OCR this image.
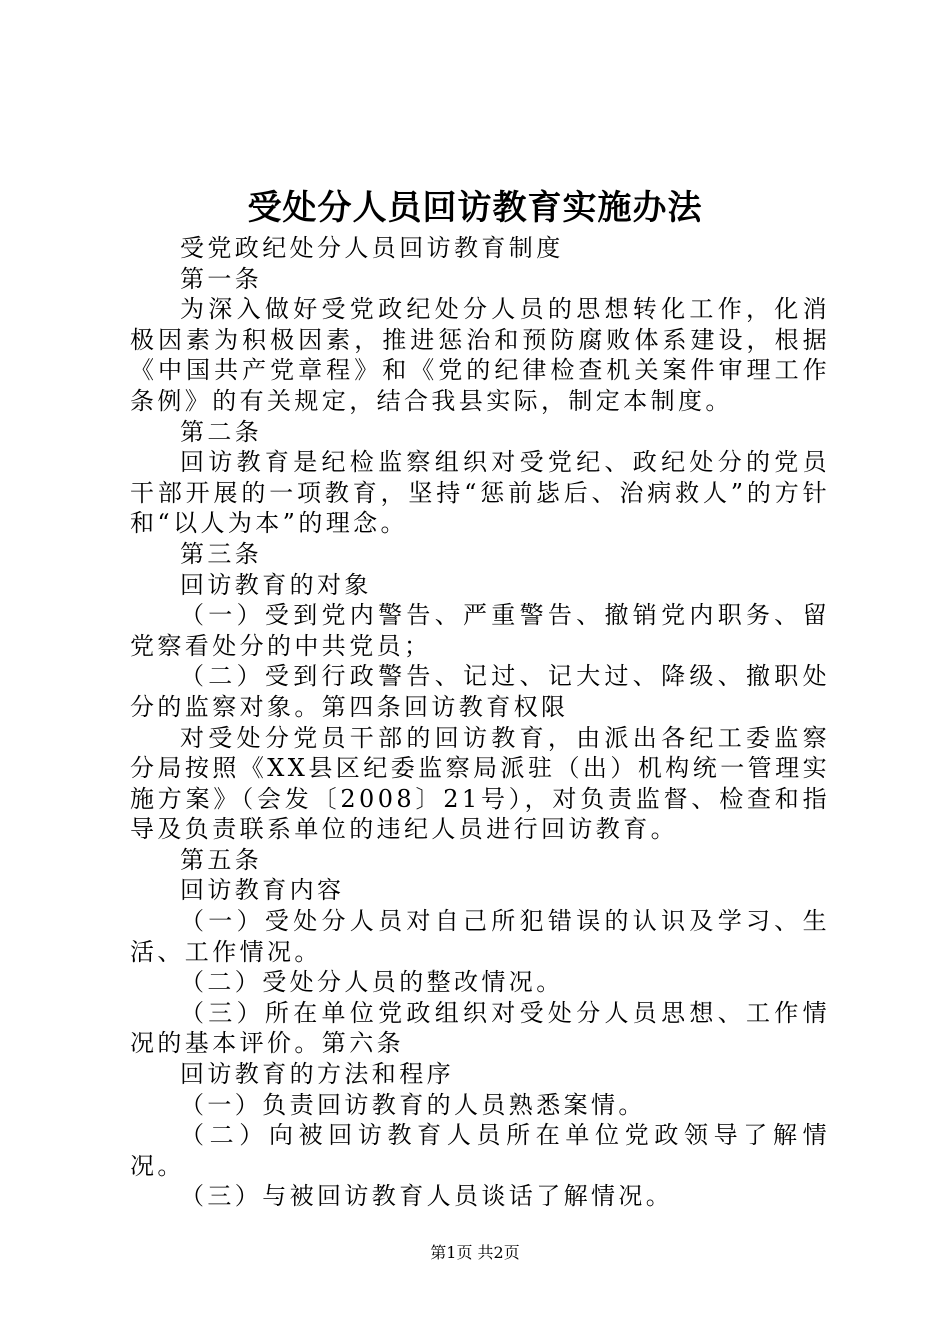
受处分人员回访教育实施办法

受党政纪处分人员回访教育制度

第一条

为深入做好受党政纪处分人员的思想转化工作，化消极因素为积极因素，推进惩治和预防腐败体系建设，根据《中国共产党章程》和《党的纪律检查机关案件审理工作条例》的有关规定，结合我县实际，制定本制度。

第二条

回访教育是纪检监察组织对受党纪、政纪处分的党员干部开展的一项教育，坚持“惩前毖后、治病救人”的方针和“以人为本”的理念。

第三条

回访教育的对象

（一）受到党内警告、严重警告、撤销党内职务、留党察看处分的中共党员；

（二）受到行政警告、记过、记大过、降级、撤职处分的监察对象。第四条回访教育权限

对受处分党员干部的回访教育，由派出各纪工委监察分局按照《XX县区纪委监察局派驻（出）机构统一管理实施方案》（会发〔2008〕21号），对负责监督、检查和指导及负责联系单位的违纪人员进行回访教育。

第五条

回访教育内容

（一）受处分人员对自己所犯错误的认识及学习、生活、工作情况。

（二）受处分人员的整改情况。

（三）所在单位党政组织对受处分人员思想、工作情况的基本评价。第六条

回访教育的方法和程序

（一）负责回访教育的人员熟悉案情。

（二）向被回访教育人员所在单位党政领导了解情况。

（三）与被回访教育人员谈话了解情况。

第1页 共2页
